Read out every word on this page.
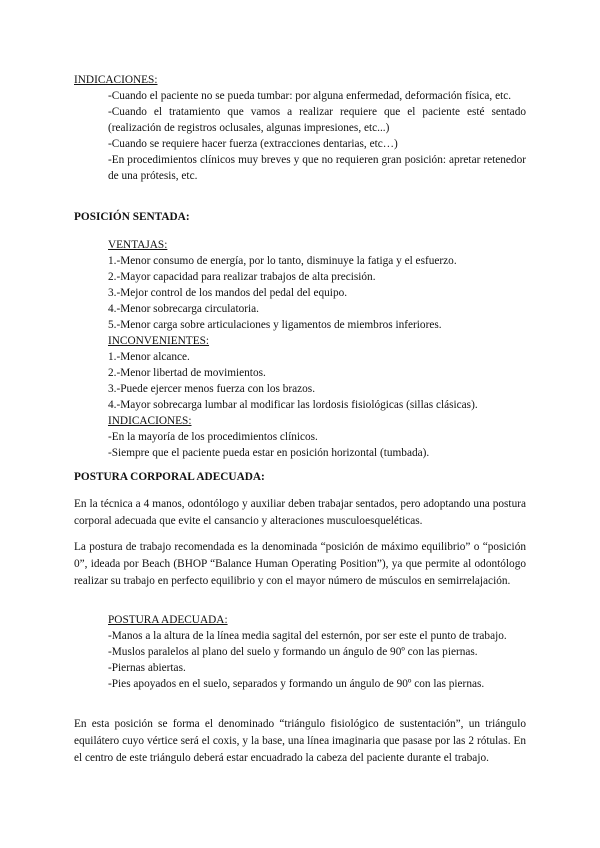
INDICACIONES:
-Cuando el paciente no se pueda tumbar: por alguna enfermedad, deformación física, etc.
-Cuando el tratamiento que vamos a realizar requiere que el paciente esté sentado (realización de registros oclusales, algunas impresiones, etc...)
-Cuando se requiere hacer fuerza (extracciones dentarias, etc…)
-En procedimientos clínicos muy breves y que no requieren gran posición: apretar retenedor de una prótesis, etc.
POSICIÓN SENTADA:
VENTAJAS:
1.-Menor consumo de energía, por lo tanto, disminuye la fatiga y el esfuerzo.
2.-Mayor capacidad para realizar trabajos de alta precisión.
3.-Mejor control de los mandos del pedal del equipo.
4.-Menor sobrecarga circulatoria.
5.-Menor carga sobre articulaciones y ligamentos de miembros inferiores.
INCONVENIENTES:
1.-Menor alcance.
2.-Menor libertad de movimientos.
3.-Puede ejercer menos fuerza con los brazos.
4.-Mayor sobrecarga lumbar al modificar las lordosis fisiológicas (sillas clásicas).
INDICACIONES:
-En la mayoría de los procedimientos clínicos.
-Siempre que el paciente pueda estar en posición horizontal (tumbada).
POSTURA CORPORAL ADECUADA:
En la técnica a 4 manos, odontólogo y auxiliar deben trabajar sentados, pero adoptando una postura corporal adecuada que evite el cansancio y alteraciones musculoesqueléticas.
La postura de trabajo recomendada es la denominada “posición de máximo equilibrio” o “posición 0”, ideada por Beach (BHOP “Balance Human Operating Position”), ya que permite al odontólogo realizar su trabajo en perfecto equilibrio y con el mayor número de músculos en semirrelajación.
POSTURA ADECUADA:
-Manos a la altura de la línea media sagital del esternón, por ser este el punto de trabajo.
-Muslos paralelos al plano del suelo y formando un ángulo de 90º con las piernas.
-Piernas abiertas.
-Pies apoyados en el suelo, separados y formando un ángulo de 90º con las piernas.
En esta posición se forma el denominado “triángulo fisiológico de sustentación”, un triángulo equilátero cuyo vértice será el coxis, y la base, una línea imaginaria que pasase por las 2 rótulas. En el centro de este triángulo deberá estar encuadrado la cabeza del paciente durante el trabajo.
